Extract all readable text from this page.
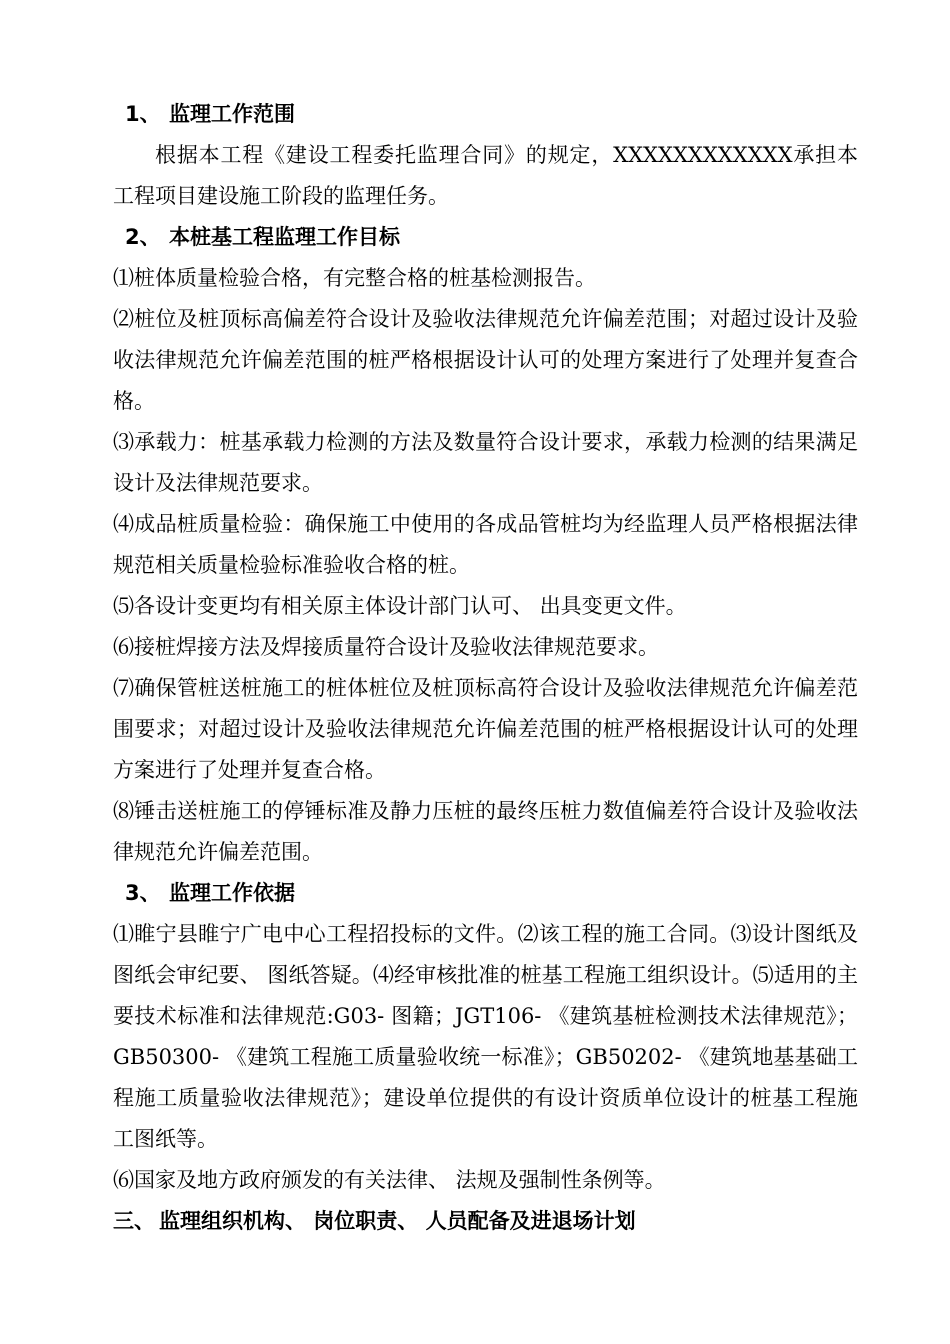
1、 监理工作范围

根据本工程《建设工程委托监理合同》的规定，XXXXXXXXXXXX承担本工程项目建设施工阶段的监理任务。

2、 本桩基工程监理工作目标

⑴桩体质量检验合格，有完整合格的桩基检测报告。

⑵桩位及桩顶标高偏差符合设计及验收法律规范允许偏差范围；对超过设计及验收法律规范允许偏差范围的桩严格根据设计认可的处理方案进行了处理并复查合格。

⑶承载力：桩基承载力检测的方法及数量符合设计要求，承载力检测的结果满足设计及法律规范要求。

⑷成品桩质量检验：确保施工中使用的各成品管桩均为经监理人员严格根据法律规范相关质量检验标准验收合格的桩。

⑸各设计变更均有相关原主体设计部门认可、 出具变更文件。

⑹接桩焊接方法及焊接质量符合设计及验收法律规范要求。

⑺确保管桩送桩施工的桩体桩位及桩顶标高符合设计及验收法律规范允许偏差范围要求；对超过设计及验收法律规范允许偏差范围的桩严格根据设计认可的处理方案进行了处理并复查合格。

⑻锤击送桩施工的停锤标准及静力压桩的最终压桩力数值偏差符合设计及验收法律规范允许偏差范围。

3、 监理工作依据

⑴睢宁县睢宁广电中心工程招投标的文件。⑵该工程的施工合同。⑶设计图纸及图纸会审纪要、 图纸答疑。⑷经审核批准的桩基工程施工组织设计。⑸适用的主要技术标准和法律规范:G03- 图籍；JGT106- 《建筑基桩检测技术法律规范》；GB50300- 《建筑工程施工质量验收统一标准》；GB50202- 《建筑地基基础工程施工质量验收法律规范》；建设单位提供的有设计资质单位设计的桩基工程施工图纸等。

⑹国家及地方政府颁发的有关法律、 法规及强制性条例等。

三、 监理组织机构、 岗位职责、 人员配备及进退场计划
